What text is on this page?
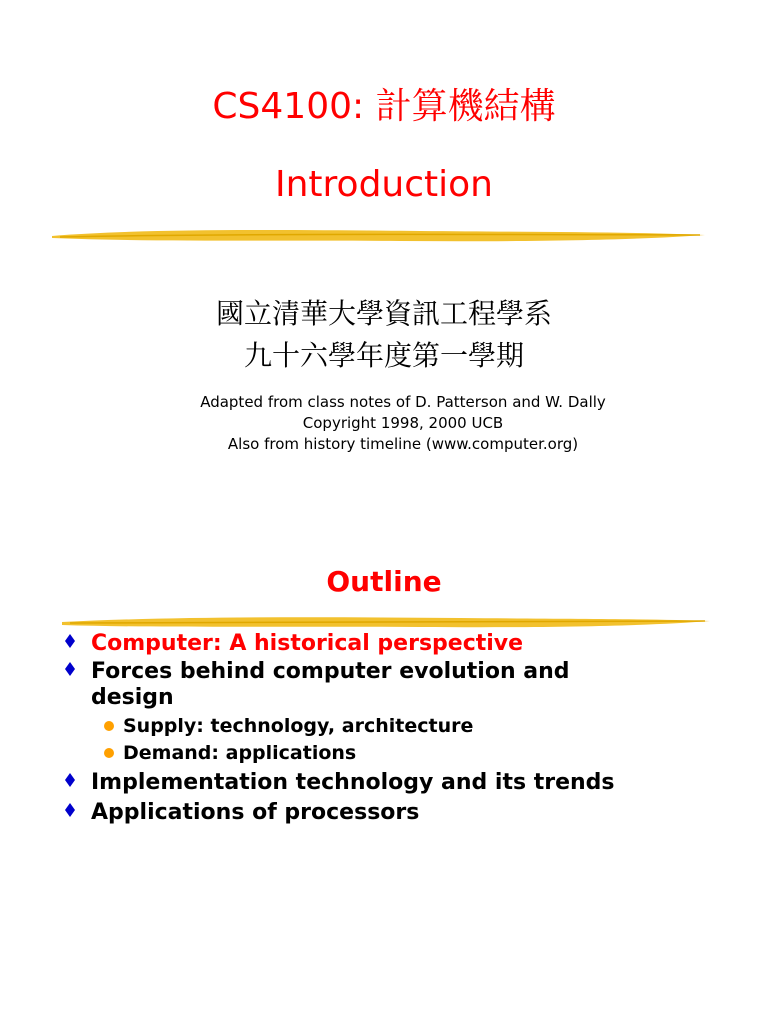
CS4100: 計算機結構
Introduction
國立清華大學資訊工程學系
九十六學年度第一學期
Adapted from class notes of D. Patterson and W. Dally
Copyright 1998, 2000 UCB
Also from history timeline (www.computer.org)
Outline
Computer: A historical perspective
Forces behind computer evolution and
design
Supply: technology, architecture
Demand: applications
Implementation technology and its trends
Applications of processors
